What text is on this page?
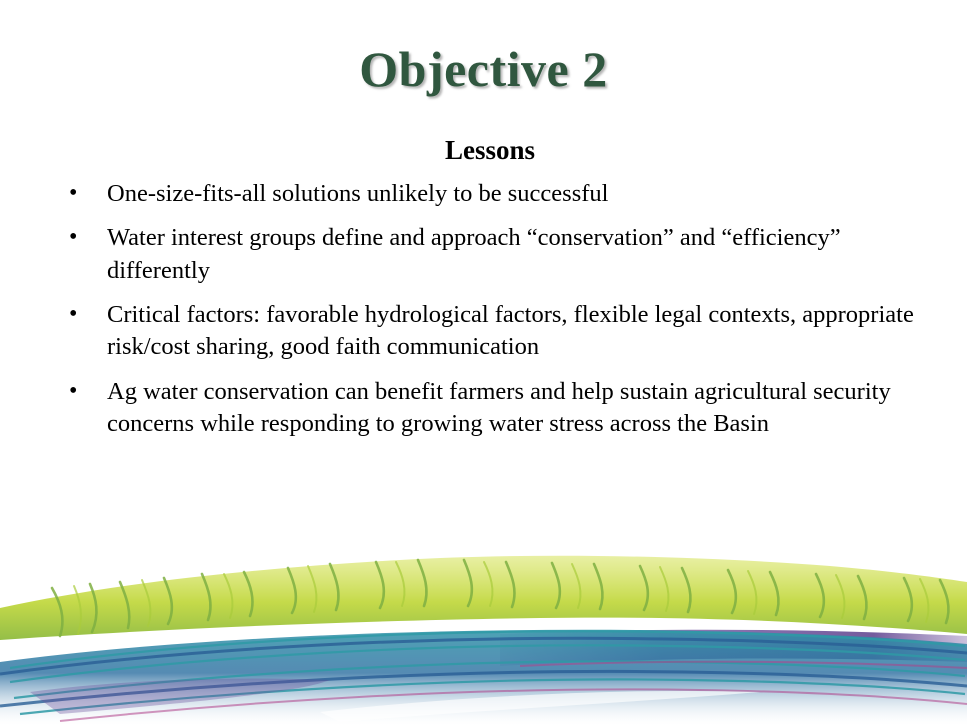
Objective 2
Lessons
• One-size-fits-all solutions unlikely to be successful
• Water interest groups define and approach “conservation” and “efficiency” differently
• Critical factors: favorable hydrological factors, flexible legal contexts, appropriate risk/cost sharing, good faith communication
• Ag water conservation can benefit farmers and help sustain agricultural security concerns while responding to growing water stress across the Basin
